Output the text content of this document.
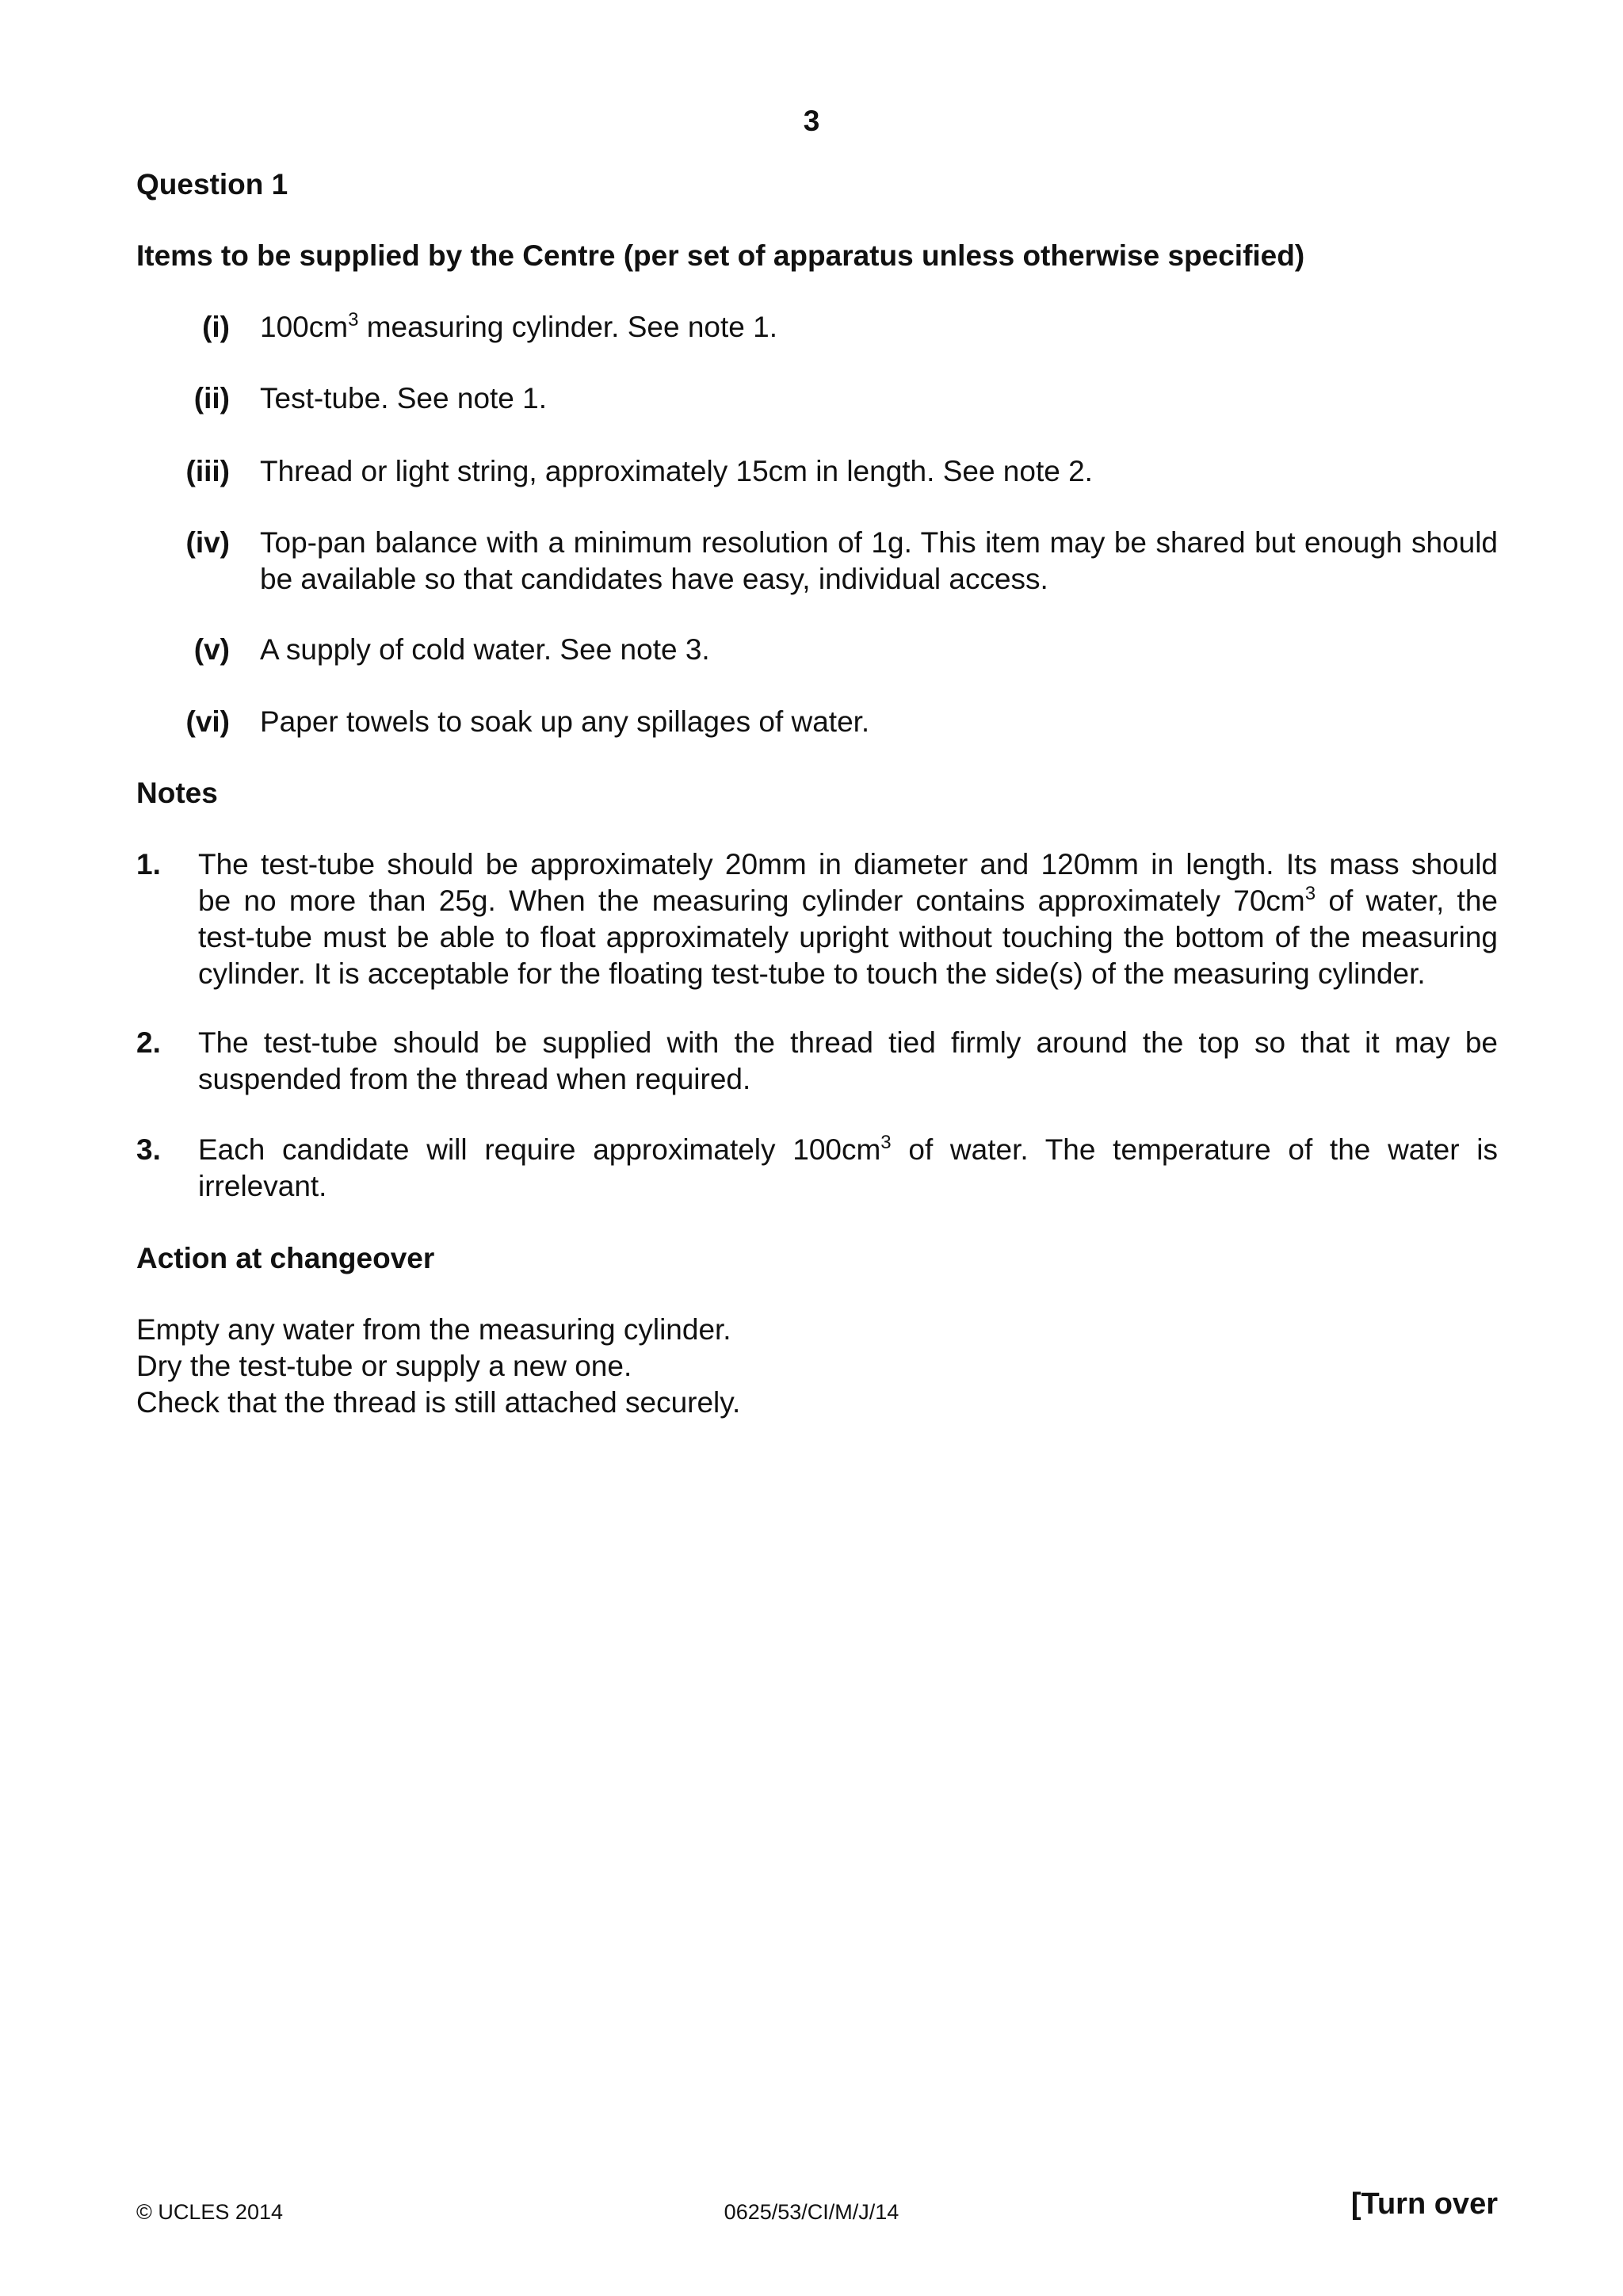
3
Question 1
Items to be supplied by the Centre (per set of apparatus unless otherwise specified)
(i) $100cm^3$ measuring cylinder. See note 1.
(ii) Test-tube. See note 1.
(iii) Thread or light string, approximately 15cm in length. See note 2.
(iv) Top-pan balance with a minimum resolution of 1g. This item may be shared but enough should be available so that candidates have easy, individual access.
(v) A supply of cold water. See note 3.
(vi) Paper towels to soak up any spillages of water.
Notes
1. The test-tube should be approximately 20mm in diameter and 120mm in length. Its mass should
be no more than 25g. When the measuring cylinder contains approximately $70cm^3$ of water, the
test-tube must be able to float approximately upright without touching the bottom of the measuring
cylinder. It is acceptable for the floating test-tube to touch the side(s) of the measuring cylinder.
2. The test-tube should be supplied with the thread tied firmly around the top so that it may be suspended from the thread when required.
3. Each candidate will require approximately $100cm^3$ of water. The temperature of the water is irrelevant.
Action at changeover
Empty any water from the measuring cylinder.
Dry the test-tube or supply a new one.
Check that the thread is still attached securely.
© UCLES 2014	0625/53/CI/M/J/14	[Turn over
